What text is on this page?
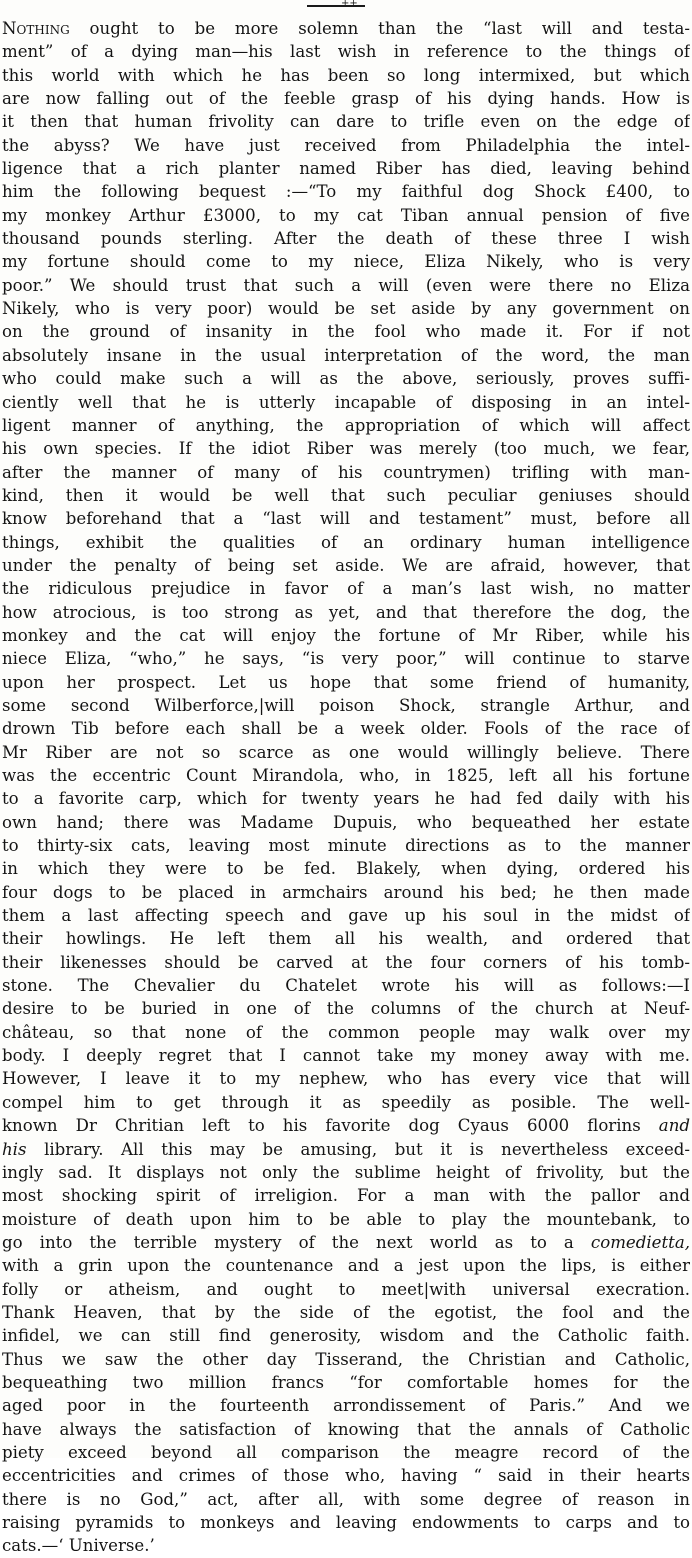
++
Nothing ought to be more solemn than the “last will and testa-
ment” of a dying man—his last wish in reference to the things of
this world with which he has been so long intermixed, but which
are now falling out of the feeble grasp of his dying hands. How is
it then that human frivolity can dare to trifle even on the edge of
the abyss? We have just received from Philadelphia the intel-
ligence that a rich planter named Riber has died, leaving behind
him the following bequest :—“To my faithful dog Shock £400, to
my monkey Arthur £3000, to my cat Tiban annual pension of five
thousand pounds sterling. After the death of these three I wish
my fortune should come to my niece, Eliza Nikely, who is very
poor.” We should trust that such a will (even were there no Eliza
Nikely, who is very poor) would be set aside by any government on
on the ground of insanity in the fool who made it. For if not
absolutely insane in the usual interpretation of the word, the man
who could make such a will as the above, seriously, proves suffi-
ciently well that he is utterly incapable of disposing in an intel-
ligent manner of anything, the appropriation of which will affect
his own species. If the idiot Riber was merely (too much, we fear,
after the manner of many of his countrymen) trifling with man-
kind, then it would be well that such peculiar geniuses should
know beforehand that a “last will and testament” must, before all
things, exhibit the qualities of an ordinary human intelligence
under the penalty of being set aside. We are afraid, however, that
the ridiculous prejudice in favor of a man’s last wish, no matter
how atrocious, is too strong as yet, and that therefore the dog, the
monkey and the cat will enjoy the fortune of Mr Riber, while his
niece Eliza, “who,” he says, “is very poor,” will continue to starve
upon her prospect. Let us hope that some friend of humanity,
some second Wilberforce,|will poison Shock, strangle Arthur, and
drown Tib before each shall be a week older. Fools of the race of
Mr Riber are not so scarce as one would willingly believe. There
was the eccentric Count Mirandola, who, in 1825, left all his fortune
to a favorite carp, which for twenty years he had fed daily with his
own hand; there was Madame Dupuis, who bequeathed her estate
to thirty-six cats, leaving most minute directions as to the manner
in which they were to be fed. Blakely, when dying, ordered his
four dogs to be placed in armchairs around his bed; he then made
them a last affecting speech and gave up his soul in the midst of
their howlings. He left them all his wealth, and ordered that
their likenesses should be carved at the four corners of his tomb-
stone. The Chevalier du Chatelet wrote his will as follows:—I
desire to be buried in one of the columns of the church at Neuf-
château, so that none of the common people may walk over my
body. I deeply regret that I cannot take my money away with me.
However, I leave it to my nephew, who has every vice that will
compel him to get through it as speedily as posible. The well-
known Dr Chritian left to his favorite dog Cyaus 6000 florins and
his library. All this may be amusing, but it is nevertheless exceed-
ingly sad. It displays not only the sublime height of frivolity, but the
most shocking spirit of irreligion. For a man with the pallor and
moisture of death upon him to be able to play the mountebank, to
go into the terrible mystery of the next world as to a comedietta,
with a grin upon the countenance and a jest upon the lips, is either
folly or atheism, and ought to meet|with universal execration.
Thank Heaven, that by the side of the egotist, the fool and the
infidel, we can still find generosity, wisdom and the Catholic faith.
Thus we saw the other day Tisserand, the Christian and Catholic,
bequeathing two million francs “for comfortable homes for the
aged poor in the fourteenth arrondissement of Paris.” And we
have always the satisfaction of knowing that the annals of Catholic
piety exceed beyond all comparison the meagre record of the
eccentricities and crimes of those who, having “ said in their hearts
there is no God,” act, after all, with some degree of reason in
raising pyramids to monkeys and leaving endowments to carps and to
cats.—‘ Universe.’
